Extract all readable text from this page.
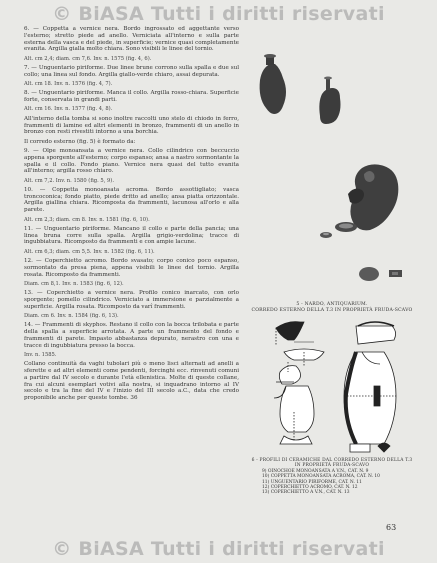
© BiASA Tutti i diritti riservati

6. — Coppetta a vernice nera. Bordo ingrossato ed aggettante verso l'esterno; stretto piede ad anello. Verniciata all'interno e sulla parte esterna della vasca e del piede, in superficie; vernice quasi completamente evanita. Argilla gialla molto chiara. Sono visibili le linee del tornio.

Alt. cm 2,4; diam. cm 7,6. Inv. n. 1575 (fig. 4, 6).

7. — Unguentario piriforme. Due linee brune corrono sulla spalla e due sul collo; una linea sul fondo. Argilla giallo-verde chiaro, assai depurata.

Alt. cm 18. Inv. n. 1576 (fig. 4, 7).

8. — Unguentario piriforme. Manca il collo. Argilla rosso-chiara. Superficie forte, conservata in grandi parti.

Alt. cm 16. Inv. n. 1577 (fig. 4, 8).

All'interno della tomba si sono inoltre raccolti uno stelo di chiodo in ferro, frammenti di lamine ed altri elementi in bronzo, frammenti di un anello in bronzo con resti rivestiti intorno a una borchia.

Il corredo esterno (fig. 5) è formato da:

9. — Olpe monoansata a vernice nera. Collo cilindrico con beccuccio appena sporgente all'esterno; corpo espanso; ansa a nastro sormontante la spalla e il collo. Fondo piano. Vernice nera quasi del tutto evanita all'interno; argilla rosso chiaro.

Alt. cm 7,2. Inv. n. 1580 (fig. 5, 9).

10. — Coppetta monoansata acroma. Bordo assottigliato; vasca troncoconica; fondo piatto, piede dritto ad anello; ansa piatta orizzontale. Argilla giallina chiara. Ricomposta da frammenti, lacunosa all'orlo e alla parete.

Alt. cm 2,3; diam. cm 8. Inv. n. 1581 (fig. 6, 10).

11. — Unguentario piriforme. Mancano il collo e parte della pancia; una linea bruna corre sulla spalla. Argilla grigio-verdolina; tracce di ingubbiatura. Ricomposto da frammenti e con ampie lacune.

Alt. cm 6,3; diam. cm 5,5. Inv. n. 1582 (fig. 6, 11).

12. — Coperchietto acromo. Bordo svasato; corpo conico poco espanso, sormontato da presa piena, appena visibili le linee del tornio. Argilla rosata. Ricomposto da frammenti.

Diam. cm 8,1. Inv. n. 1583 (fig. 6, 12).

13. — Coperchietto a vernice nera. Profilo conico inarcato, con orlo sporgente; pomello cilindrico. Verniciato a immersione e parzialmente a superficie. Argilla rosata. Ricomposto da varî frammenti.

Diam. cm 6. Inv. n. 1584 (fig. 6, 13).

14. — Frammenti di skyphos. Restano il collo con la bocca trilobata e parte della spalla a superficie arrotata. A parte un frammento del fondo e frammenti di parete. Impasto abbastanza depurato, nerastro con una e tracce di ingubbiatura presso la bocca.

Inv. n. 1585.

Collano continuità da vaghi tubolari più o meno lisci alternati ad anelli a sferette e ad altri elementi come pendenti, forcinghi ecc. rinvenuti comuni a partire dal IV secolo e durante l'età ellenistica. Molte di queste collane, fra cui alcuni esemplari votivi alla nostra, si inquadrano intorno al IV secolo e tra la fine del IV e l'inizio del III secolo a.C., data che credo proponibile anche per queste tombe. 36

5 - NARDO, ANTIQUARIUM.
CORREDO ESTERNO DELLA T.3 IN PROPRIETÀ FRUDA-SCAVO
6 - PROFILI DI CERAMICHE DAL CORREDO ESTERNO DELLA T.3
IN PROPRIETÀ FRUDA-SCAVO
9) OINOCHOE MONOANSATA A V.N., CAT. N. 9
10) COPPETTA MONOANSATA ACROMA, CAT. N. 10
11) UNGUENTARIO PIRIFORME, CAT. N. 11
12) COPERCHIETTO ACROMO, CAT. N. 12
13) COPERCHIETTO A V.N., CAT. N. 13
63
© BiASA Tutti i diritti riservati
